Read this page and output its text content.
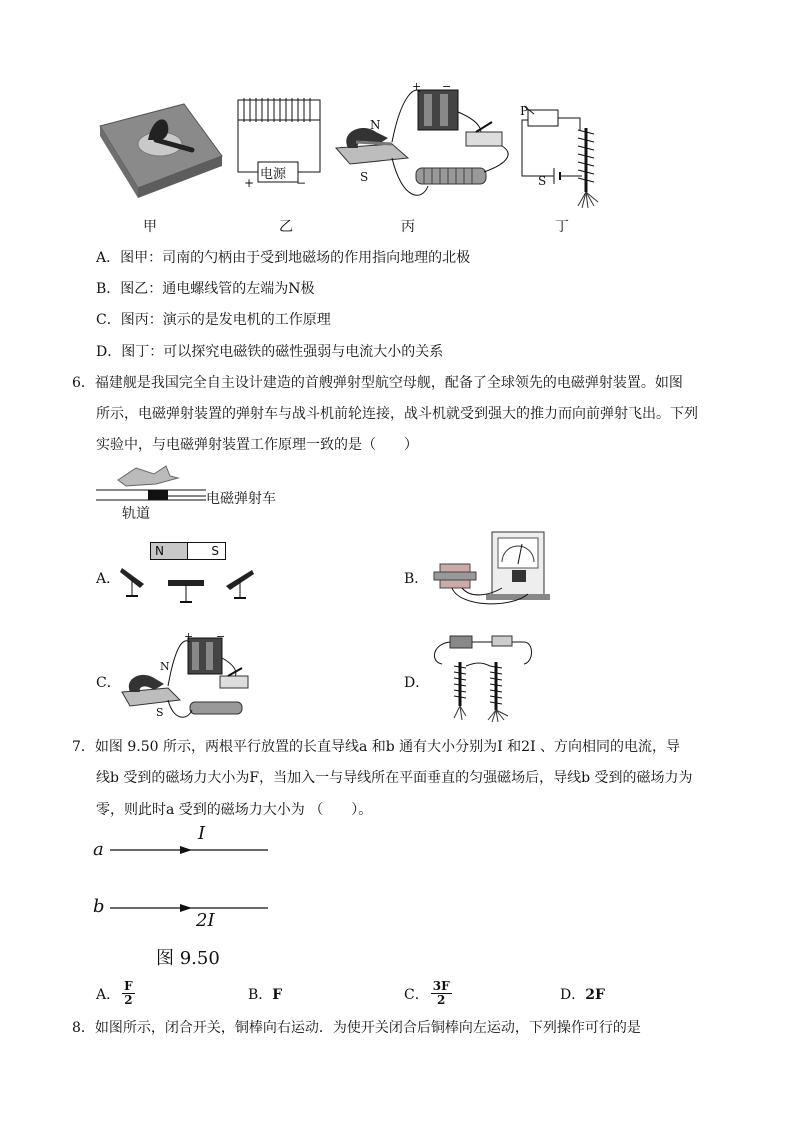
电源
+	−
+ −
N
S
P
S
甲	乙	丙	丁
A．图甲：司南的勺柄由于受到地磁场的作用指向地理的北极
B．图乙：通电螺线管的左端为N极
C．图丙：演示的是发电机的工作原理
D．图丁：可以探究电磁铁的磁性强弱与电流大小的关系
6．福建舰是我国完全自主设计建造的首艘弹射型航空母舰，配备了全球领先的电磁弹射装置。如图
所示，电磁弹射装置的弹射车与战斗机前轮连接，战斗机就受到强大的推力而向前弹射飞出。下列
实验中，与电磁弹射装置工作原理一致的是（　　）
电磁弹射车
轨道
A．
N	S
B．
C．
+ −
N
S
D．
7．如图 9.50 所示，两根平行放置的长直导线a 和b 通有大小分别为I 和2I 、方向相同的电流，导
线b 受到的磁场力大小为F，当加入一与导线所在平面垂直的匀强磁场后，导线b 受到的磁场力为
零，则此时a 受到的磁场力大小为 （　　）。
a
I
b
2I
图 9.50
A． $\frac{F}{2}$	B．F	C． $\frac{3F}{2}$	D．2F
8．如图所示，闭合开关，铜棒向右运动．为使开关闭合后铜棒向左运动，下列操作可行的是
